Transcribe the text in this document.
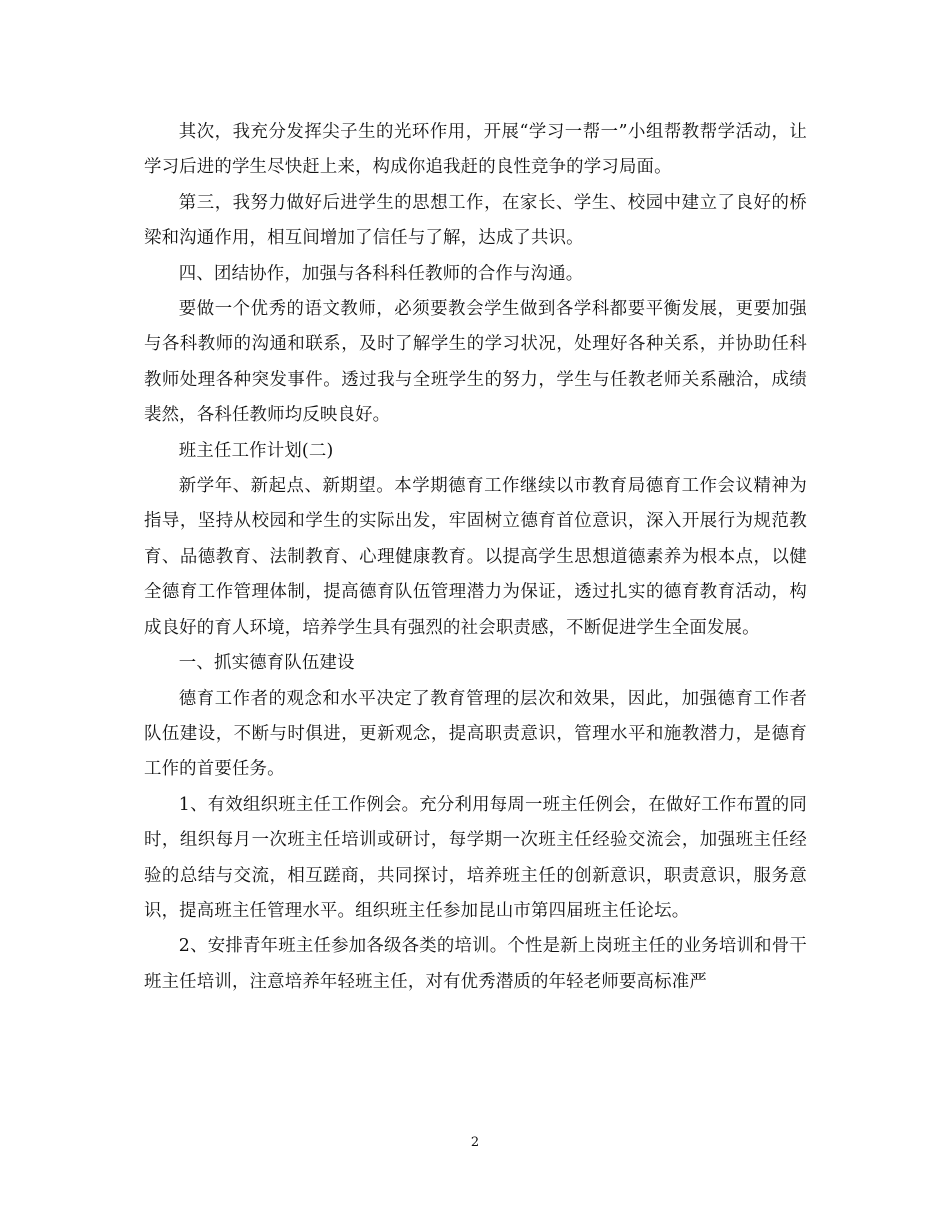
其次，我充分发挥尖子生的光环作用，开展“学习一帮一”小组帮教帮学活动，让学习后进的学生尽快赶上来，构成你追我赶的良性竞争的学习局面。

第三，我努力做好后进学生的思想工作，在家长、学生、校园中建立了良好的桥梁和沟通作用，相互间增加了信任与了解，达成了共识。

四、团结协作，加强与各科科任教师的合作与沟通。

要做一个优秀的语文教师，必须要教会学生做到各学科都要平衡发展，更要加强与各科教师的沟通和联系，及时了解学生的学习状况，处理好各种关系，并协助任科教师处理各种突发事件。透过我与全班学生的努力，学生与任教老师关系融洽，成绩裴然，各科任教师均反映良好。

班主任工作计划(二)

新学年、新起点、新期望。本学期德育工作继续以市教育局德育工作会议精神为指导，坚持从校园和学生的实际出发，牢固树立德育首位意识，深入开展行为规范教育、品德教育、法制教育、心理健康教育。以提高学生思想道德素养为根本点，以健全德育工作管理体制，提高德育队伍管理潜力为保证，透过扎实的德育教育活动，构成良好的育人环境，培养学生具有强烈的社会职责感，不断促进学生全面发展。

一、抓实德育队伍建设

德育工作者的观念和水平决定了教育管理的层次和效果，因此，加强德育工作者队伍建设，不断与时俱进，更新观念，提高职责意识，管理水平和施教潜力，是德育工作的首要任务。

1、有效组织班主任工作例会。充分利用每周一班主任例会，在做好工作布置的同时，组织每月一次班主任培训或研讨，每学期一次班主任经验交流会，加强班主任经验的总结与交流，相互蹉商，共同探讨，培养班主任的创新意识，职责意识，服务意识，提高班主任管理水平。组织班主任参加昆山市第四届班主任论坛。

2、安排青年班主任参加各级各类的培训。个性是新上岗班主任的业务培训和骨干班主任培训，注意培养年轻班主任，对有优秀潜质的年轻老师要高标准严

2
